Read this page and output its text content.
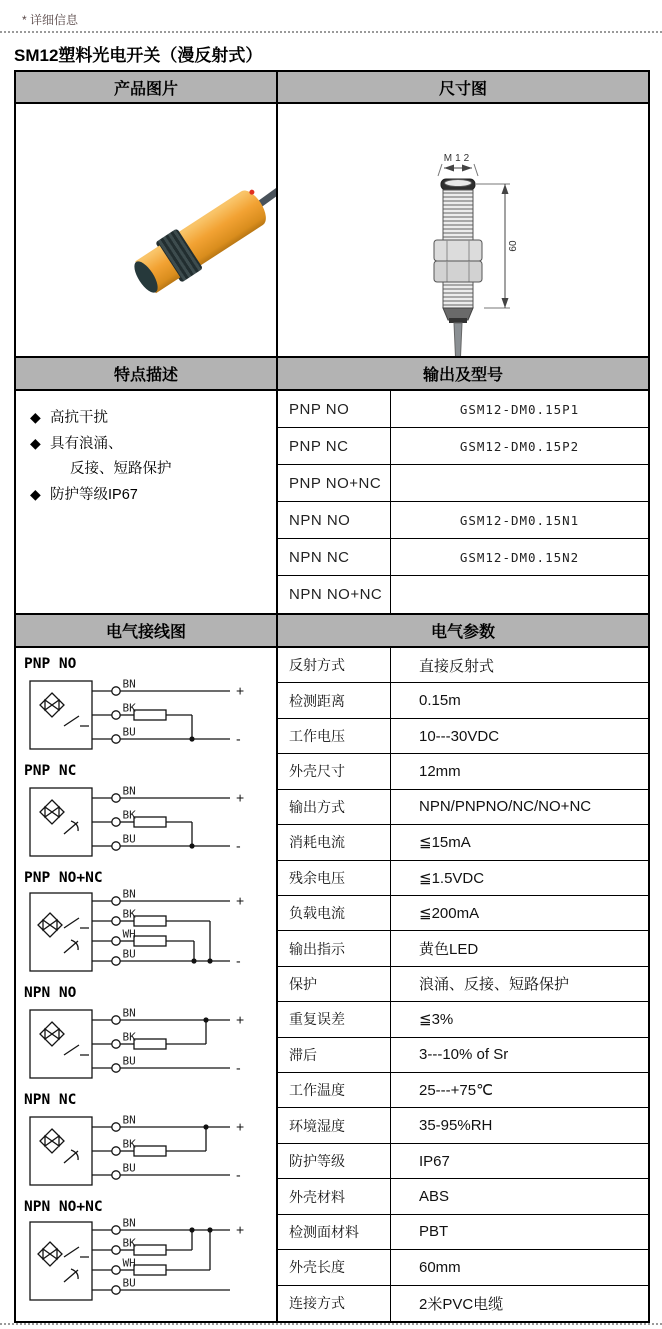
* 详细信息
SM12塑料光电开关（漫反射式）
产品图片	尺寸图
M12
60
特点描述	输出及型号
◆ 高抗干扰
◆ 具有浪涌、
反接、短路保护
◆ 防护等级IP67
PNP NO	GSM12-DM0.15P1
PNP NC	GSM12-DM0.15P2
PNP NO+NC
NPN NO	GSM12-DM0.15N1
NPN NC	GSM12-DM0.15N2
NPN NO+NC
电气接线图	电气参数
PNP NO
BN	+
BK
BU	-
PNP NC
BN	+
BK
BU	-
PNP NO+NC
BN	+
BK
WH
BU	-
NPN NO
BN	+
BK
BU	-
NPN NC
BN	+
BK
BU	-
NPN NO+NC
BN	+
BK
WH
BU
反射方式	直接反射式
检测距离	0.15m
工作电压	10---30VDC
外壳尺寸	12mm
输出方式	NPN/PNPNO/NC/NO+NC
消耗电流	≦15mA
残余电压	≦1.5VDC
负载电流	≦200mA
输出指示	黄色LED
保护	浪涌、反接、短路保护
重复误差	≦3%
滞后	3---10% of Sr
工作温度	25---+75℃
环境湿度	35-95%RH
防护等级	IP67
外壳材料	ABS
检测面材料	PBT
外壳长度	60mm
连接方式	2米PVC电缆
